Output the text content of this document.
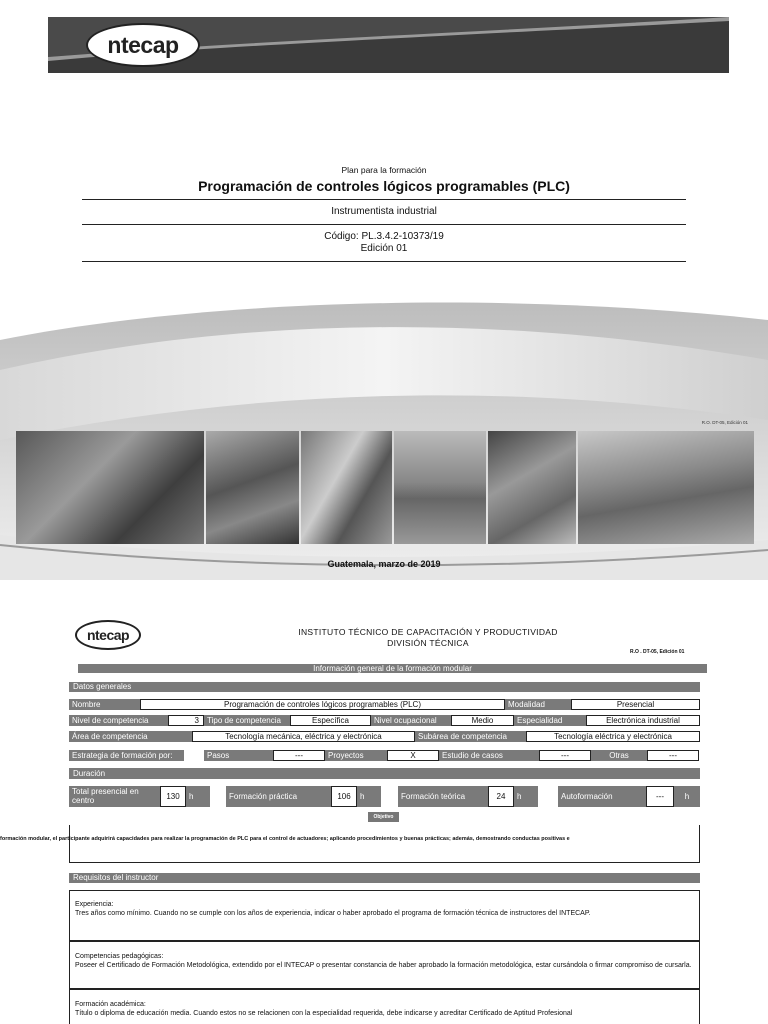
ntecap
Plan para la formación
Programación de controles lógicos programables (PLC)
Instrumentista industrial
Código: PL.3.4.2-10373/19
Edición 01
R.O. DT-05, Edición 01
Guatemala, marzo de 2019
ntecap	INSTITUTO TÉCNICO DE CAPACITACIÓN Y PRODUCTIVIDAD
DIVISIÓN TÉCNICA
R.O . DT-05, Edición 01
Información general de la formación modular
Datos generales
Nombre	Programación de controles lógicos programables (PLC)	Modalidad	Presencial
Nivel de competencia	3	Tipo de competencia	Específica	Nivel ocupacional	Medio	Especialidad	Electrónica industrial
Área de competencia	Tecnología mecánica, eléctrica y electrónica	Subárea de competencia	Tecnología eléctrica y electrónica
Estrategia de formación por:	Pasos	---	Proyectos	X	Estudio de casos	---	Otras	---
Duración
Total presencial en centro	130	h	Formación práctica	106	h	Formación teórica	24	h	Autoformación	---	h
Objetivo
formación modular, el participante adquirirá capacidades para realizar la programación de PLC para el control de actuadores; aplicando procedimientos y buenas prácticas; además, demostrando conductas positivas e
Requisitos del instructor
Experiencia:
Tres años como mínimo. Cuando no se cumple con los años de experiencia, indicar o haber aprobado el programa de formación técnica de instructores del INTECAP.
Competencias pedagógicas:
Poseer el Certificado de Formación Metodológica, extendido por el INTECAP o presentar constancia de haber aprobado la formación metodológica, estar cursándola o firmar compromiso de cursarla.
Formación académica:
Título o diploma de educación media. Cuando estos no se relacionen con la especialidad requerida, debe indicarse y acreditar Certificado de Aptitud Profesional
